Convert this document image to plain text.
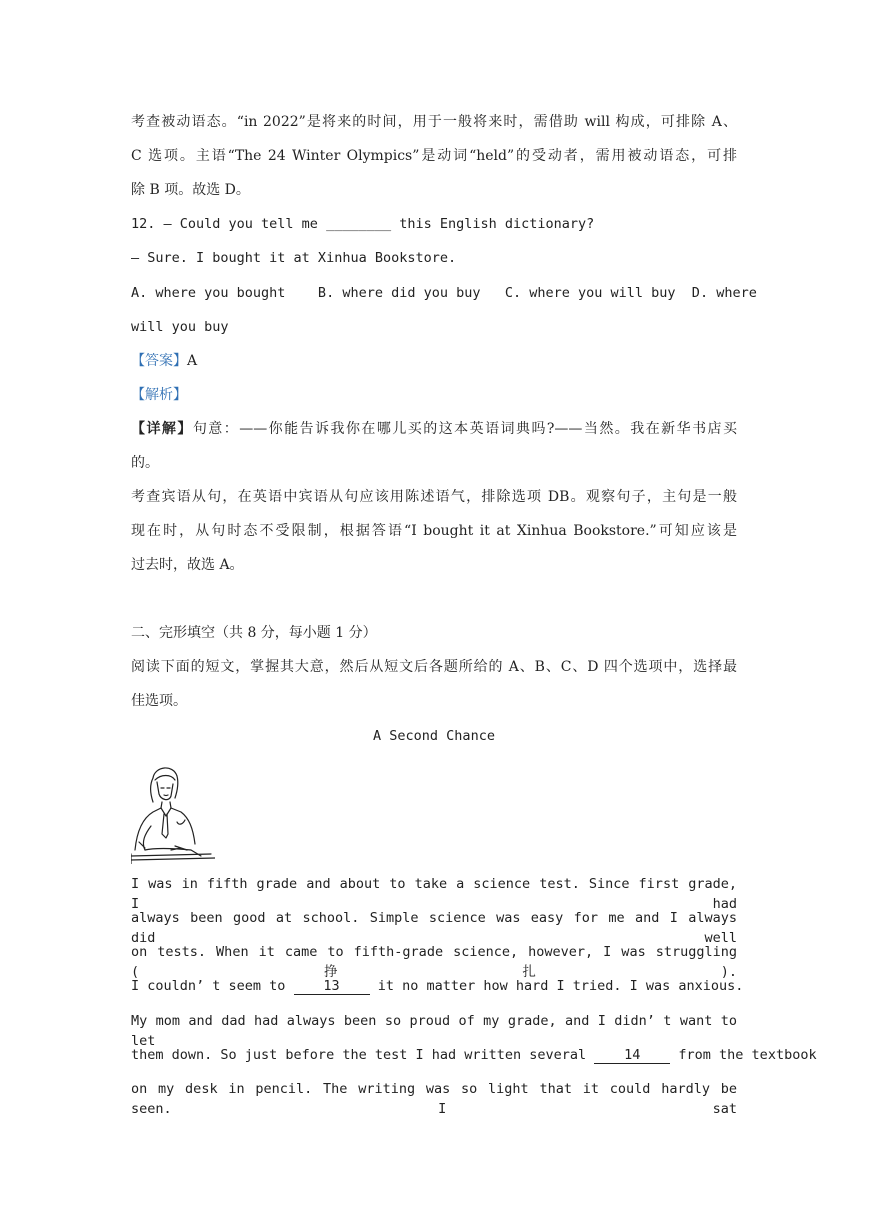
考查被动语态。“in 2022”是将来的时间，用于一般将来时，需借助 will 构成，可排除 A、
C 选项。主语“The 24 Winter Olympics”是动词“held”的受动者，需用被动语态，可排
除 B 项。故选 D。
12. — Could you tell me ________ this English dictionary?
— Sure. I bought it at Xinhua Bookstore.
A. where you bought    B. where did you buy   C. where you will buy  D. where
will you buy
【答案】A
【解析】
【详解】句意：——你能告诉我你在哪儿买的这本英语词典吗?——当然。我在新华书店买
的。
考查宾语从句，在英语中宾语从句应该用陈述语气，排除选项 DB。观察句子，主句是一般
现在时，从句时态不受限制，根据答语“I bought it at Xinhua Bookstore.”可知应该是
过去时，故选 A。
二、完形填空（共 8 分，每小题 1 分）
阅读下面的短文，掌握其大意，然后从短文后各题所给的 A、B、C、D 四个选项中，选择最
佳选项。
A Second Chance
I was in fifth grade and about to take a science test. Since first grade, I had
always been good at school. Simple science was easy for me and I always did well
on tests. When it came to fifth-grade science, however, I was struggling (挣扎).
I couldn’ t seem to 13 it no matter how hard I tried. I was anxious.
My mom and dad had always been so proud of my grade, and I didn’ t want to let
them down. So just before the test I had written several 14 from the textbook
on my desk in pencil. The writing was so light that it could hardly be seen. I sat
